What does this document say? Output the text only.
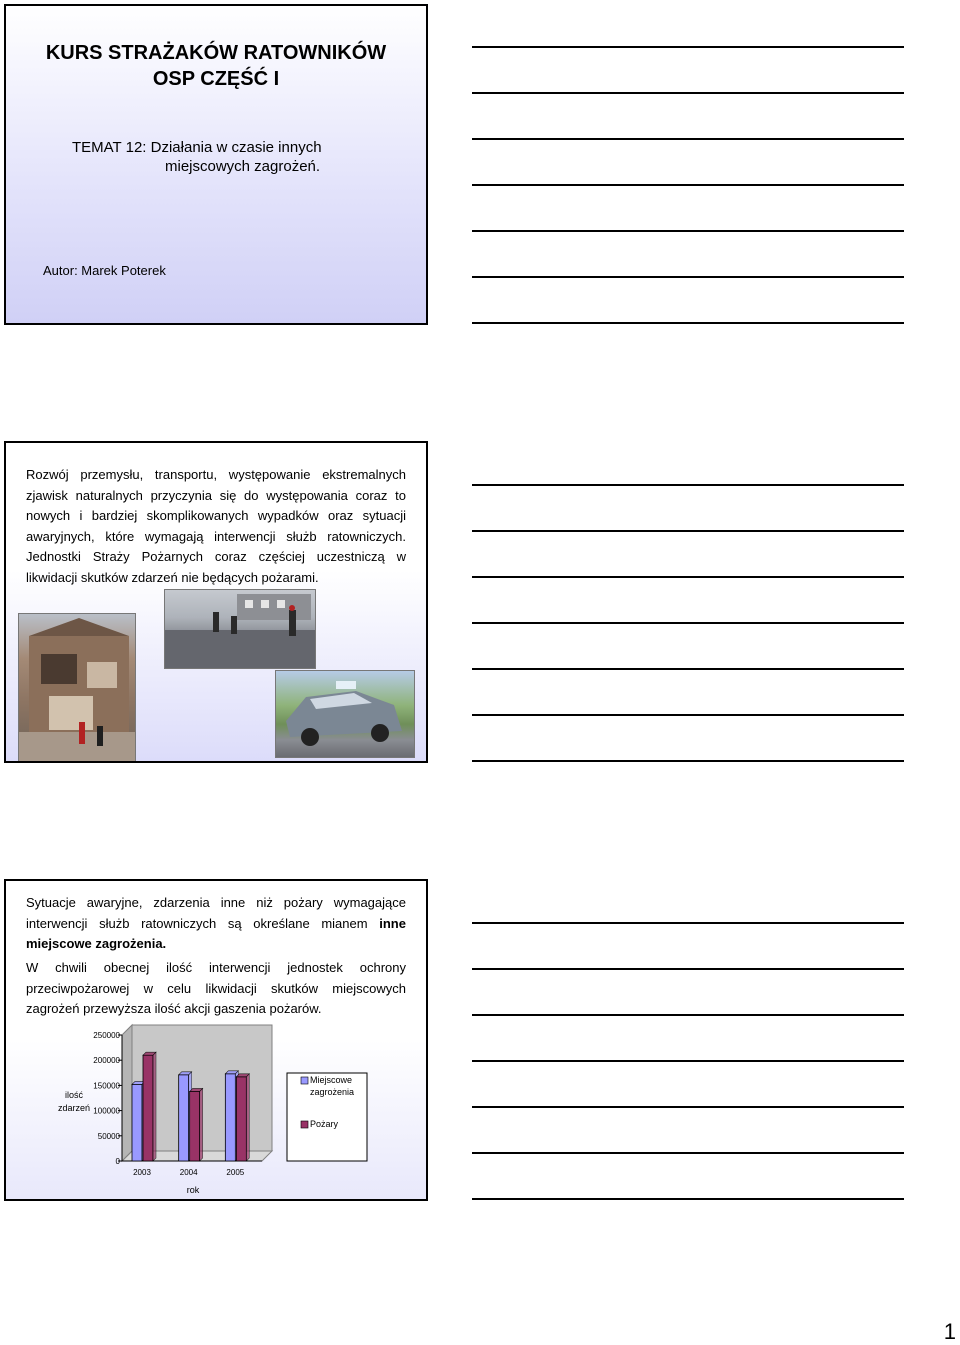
KURS STRAŻAKÓW RATOWNIKÓW
OSP CZĘŚĆ I
TEMAT 12: Działania w czasie innych
miejscowych zagrożeń.
Autor: Marek Poterek
Rozwój przemysłu, transportu, występowanie ekstremalnych zjawisk naturalnych przyczynia się do występowania coraz to nowych i bardziej skomplikowanych wypadków oraz sytuacji awaryjnych, które wymagają interwencji służb ratowniczych. Jednostki Straży Pożarnych coraz częściej uczestniczą w likwidacji skutków zdarzeń nie będących pożarami.
Sytuacje awaryjne, zdarzenia inne niż pożary wymagające interwencji służb ratowniczych są określane mianem inne miejscowe zagrożenia.
W chwili obecnej ilość interwencji jednostek ochrony przeciwpożarowej w celu likwidacji skutków miejscowych zagrożeń przewyższa ilość akcji gaszenia pożarów.
0
50000
100000
150000
200000
250000
2003	2004	2005
ilość
zdarzeń
rok
Miejscowe
zagrożenia
Pożary
1
